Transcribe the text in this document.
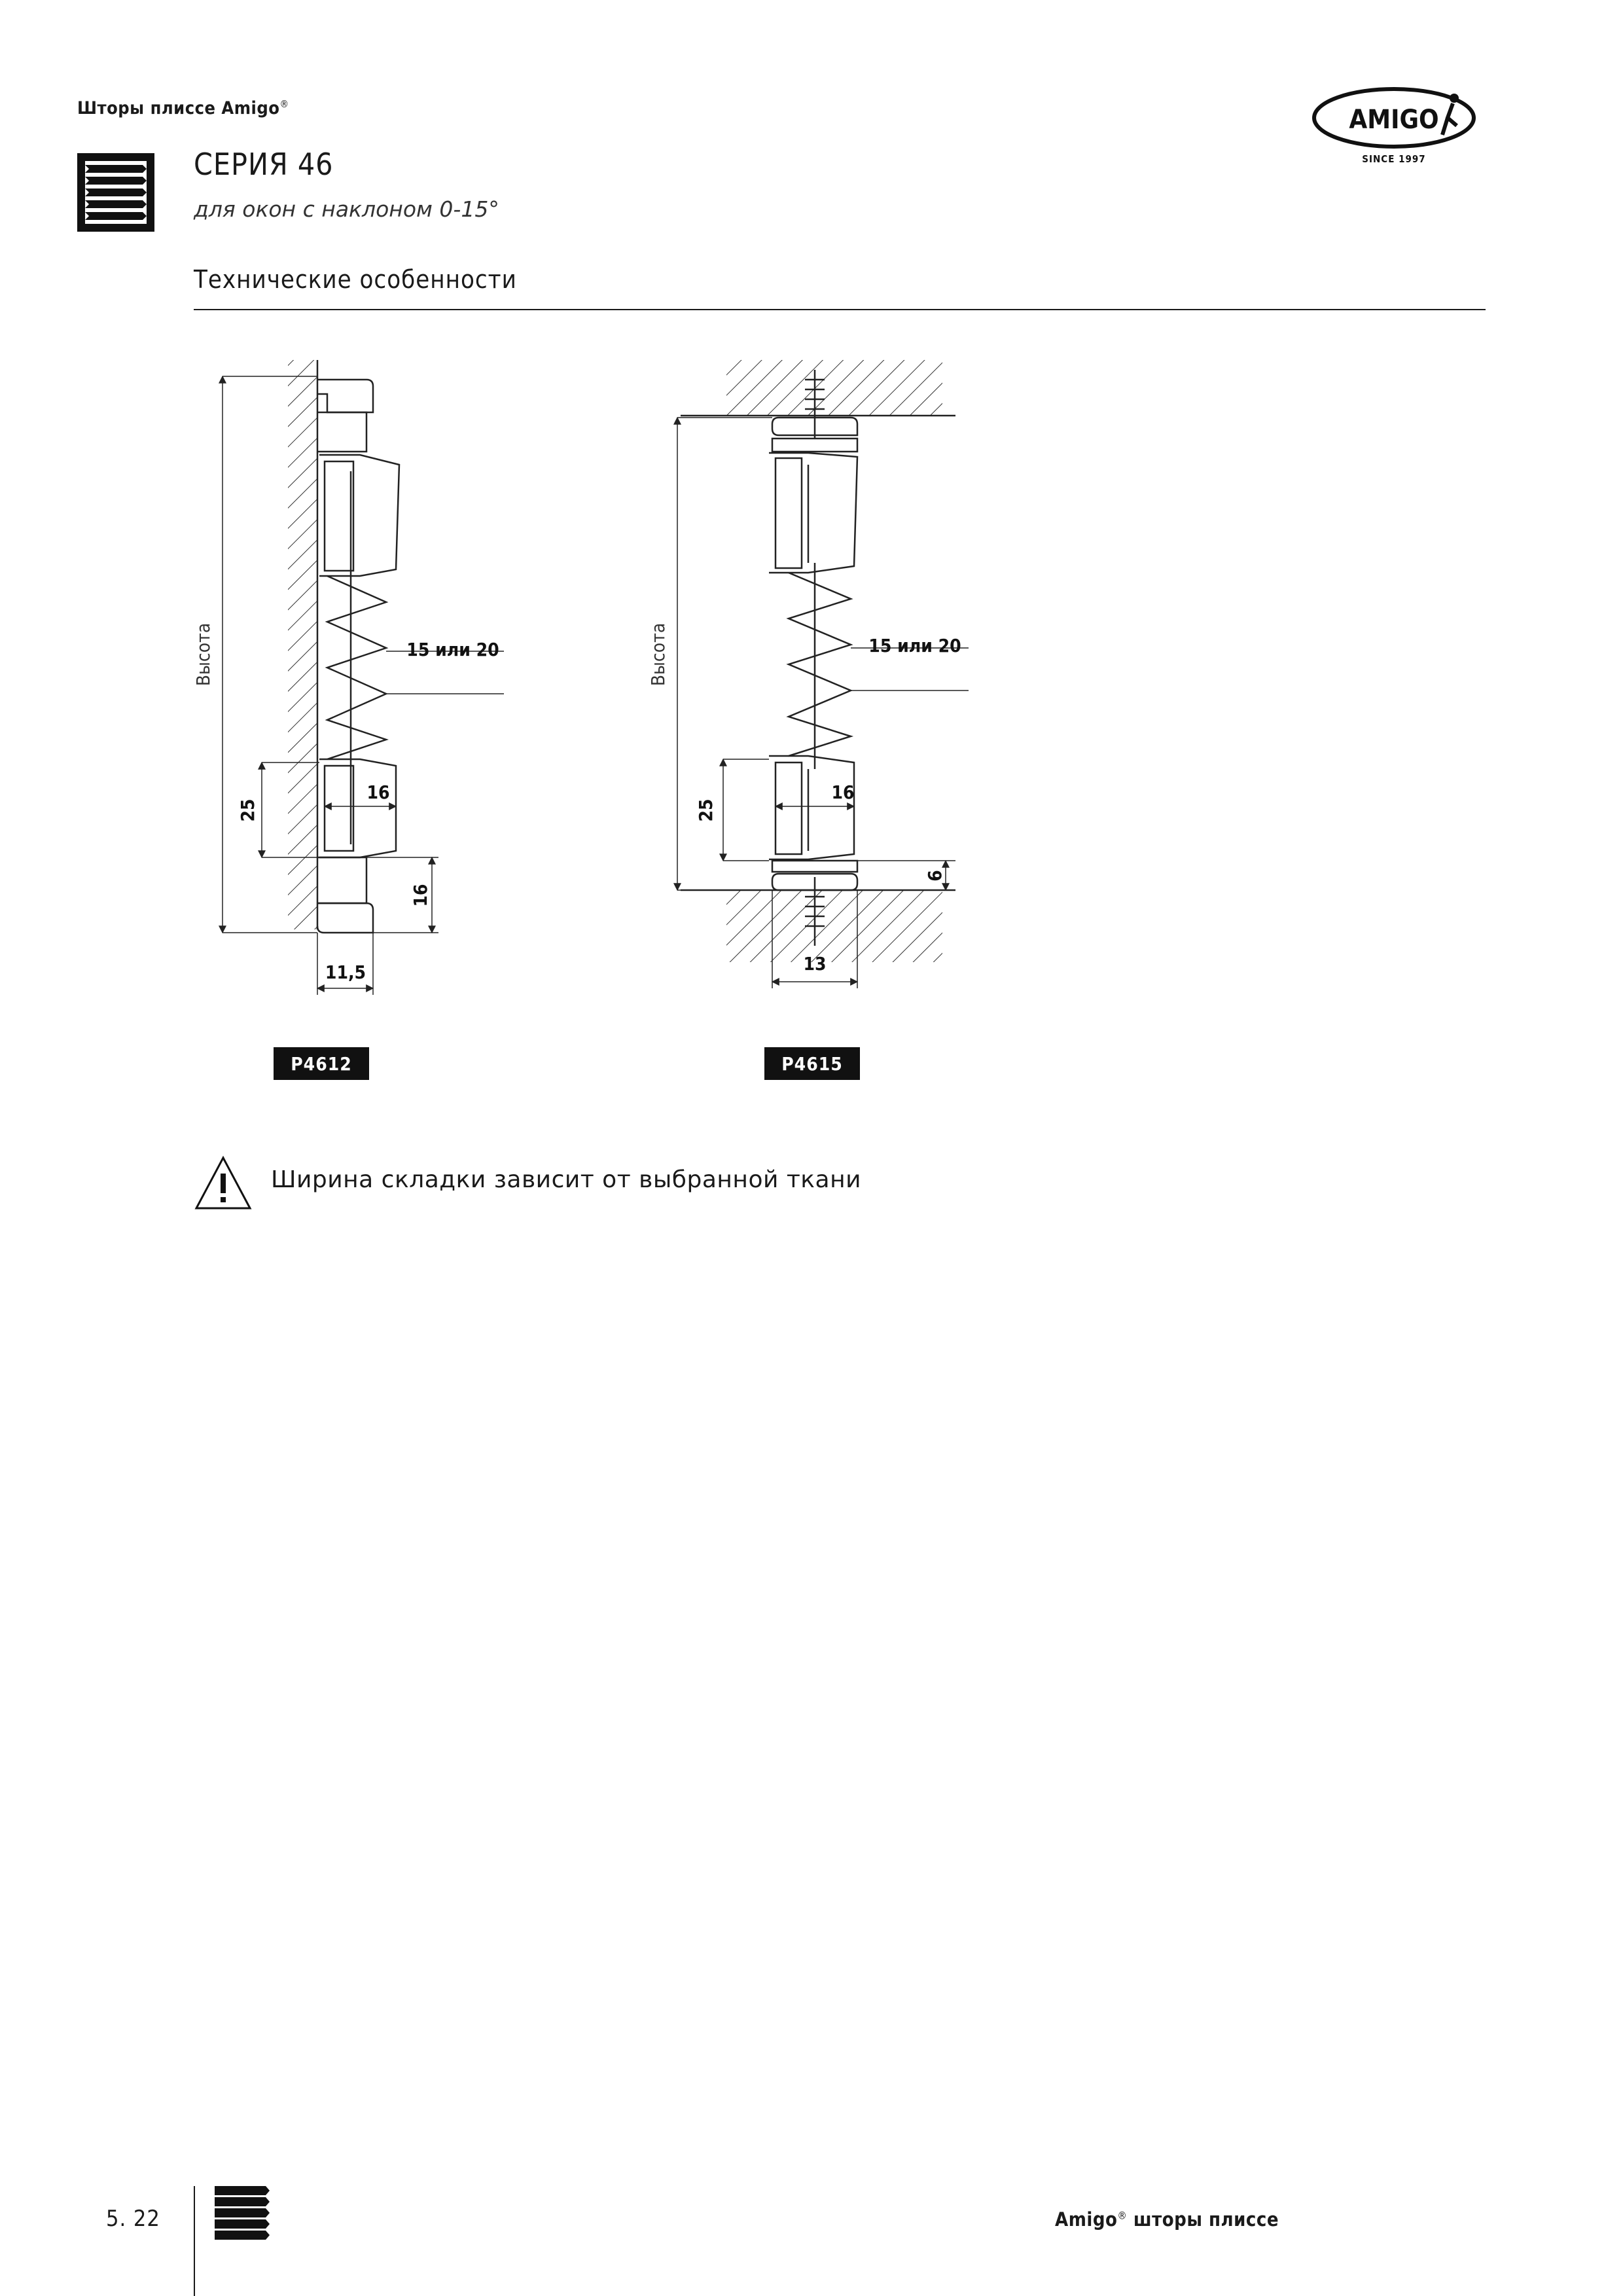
Шторы плиссе Amigo®
СЕРИЯ 46
для окон с наклоном 0-15°
AMIGO
SINCE 1997
Технические особенности
Высота
25
16
16
15 или 20
11,5
Высота
25
16
6
15 или 20
13
P4612	P4615
Ширина складки зависит от выбранной ткани
5. 22	Amigo® шторы плиссе
